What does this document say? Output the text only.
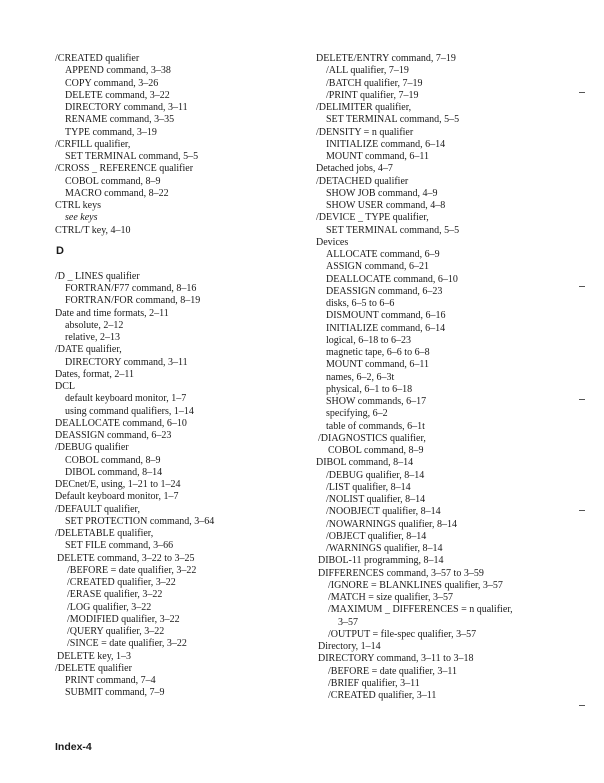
/CREATED qualifier
APPEND command, 3–38
COPY command, 3–26
DELETE command, 3–22
DIRECTORY command, 3–11
RENAME command, 3–35
TYPE command, 3–19
/CRFILL qualifier,
SET TERMINAL command, 5–5
/CROSS _ REFERENCE qualifier
COBOL command, 8–9
MACRO command, 8–22
CTRL keys
see keys
CTRL/T key, 4–10
D
/D _ LINES qualifier
FORTRAN/F77 command, 8–16
FORTRAN/FOR command, 8–19
Date and time formats, 2–11
absolute, 2–12
relative, 2–13
/DATE qualifier,
DIRECTORY command, 3–11
Dates, format, 2–11
DCL
default keyboard monitor, 1–7
using command qualifiers, 1–14
DEALLOCATE command, 6–10
DEASSIGN command, 6–23
/DEBUG qualifier
COBOL command, 8–9
DIBOL command, 8–14
DECnet/E, using, 1–21 to 1–24
Default keyboard monitor, 1–7
/DEFAULT qualifier,
SET PROTECTION command, 3–64
/DELETABLE qualifier,
SET FILE command, 3–66
DELETE command, 3–22 to 3–25
/BEFORE = date qualifier, 3–22
/CREATED qualifier, 3–22
/ERASE qualifier, 3–22
/LOG qualifier, 3–22
/MODIFIED qualifier, 3–22
/QUERY qualifier, 3–22
/SINCE = date qualifier, 3–22
DELETE key, 1–3
/DELETE qualifier
PRINT command, 7–4
SUBMIT command, 7–9
DELETE/ENTRY command, 7–19
/ALL qualifier, 7–19
/BATCH qualifier, 7–19
/PRINT qualifier, 7–19
/DELIMITER qualifier,
SET TERMINAL command, 5–5
/DENSITY = n qualifier
INITIALIZE command, 6–14
MOUNT command, 6–11
Detached jobs, 4–7
/DETACHED qualifier
SHOW JOB command, 4–9
SHOW USER command, 4–8
/DEVICE _ TYPE qualifier,
SET TERMINAL command, 5–5
Devices
ALLOCATE command, 6–9
ASSIGN command, 6–21
DEALLOCATE command, 6–10
DEASSIGN command, 6–23
disks, 6–5 to 6–6
DISMOUNT command, 6–16
INITIALIZE command, 6–14
logical, 6–18 to 6–23
magnetic tape, 6–6 to 6–8
MOUNT command, 6–11
names, 6–2, 6–3t
physical, 6–1 to 6–18
SHOW commands, 6–17
specifying, 6–2
table of commands, 6–1t
/DIAGNOSTICS qualifier,
COBOL command, 8–9
DIBOL command, 8–14
/DEBUG qualifier, 8–14
/LIST qualifier, 8–14
/NOLIST qualifier, 8–14
/NOOBJECT qualifier, 8–14
/NOWARNINGS qualifier, 8–14
/OBJECT qualifier, 8–14
/WARNINGS qualifier, 8–14
DIBOL-11 programming, 8–14
DIFFERENCES command, 3–57 to 3–59
/IGNORE = BLANKLINES qualifier, 3–57
/MATCH = size qualifier, 3–57
/MAXIMUM _ DIFFERENCES = n qualifier,
3–57
/OUTPUT = file-spec qualifier, 3–57
Directory, 1–14
DIRECTORY command, 3–11 to 3–18
/BEFORE = date qualifier, 3–11
/BRIEF qualifier, 3–11
/CREATED qualifier, 3–11
Index-4
